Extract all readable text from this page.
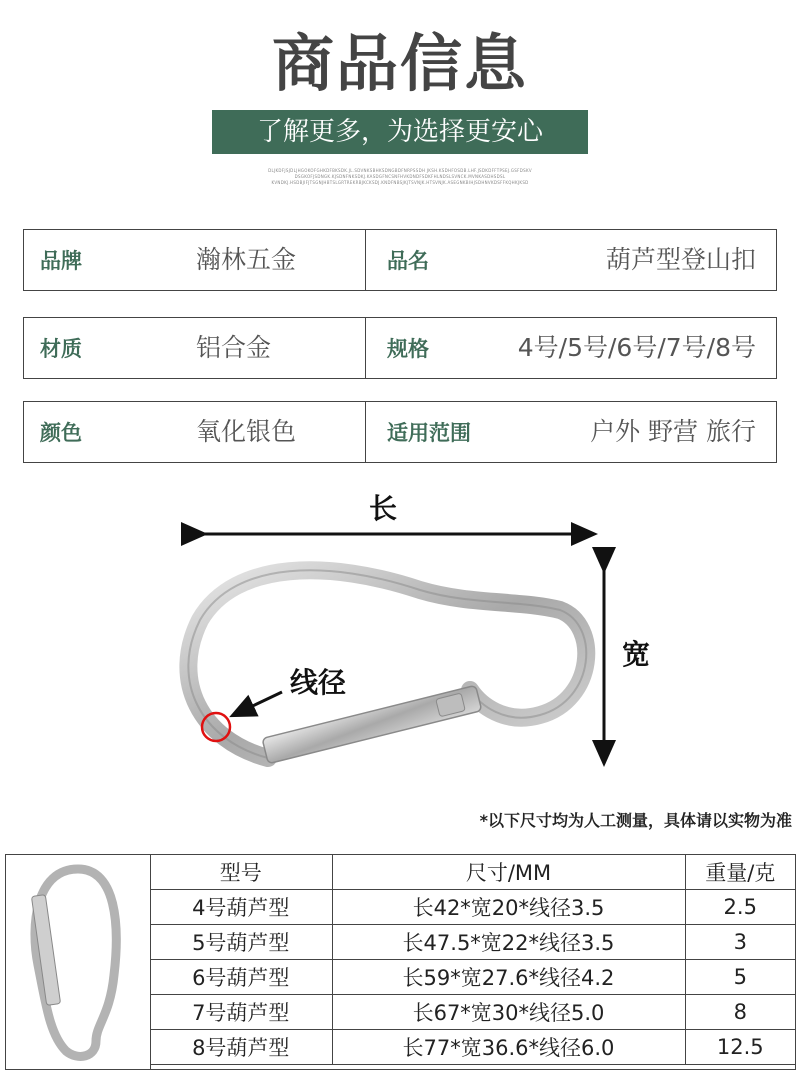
商品信息
了解更多，为选择更安心
DLJKDFJSJDLJHGOKOFGHKDFBKSDK.JL.SDVNKSBHKSDNGBDFNRPSSDH JKSH.KSDHFOSDB.LHF.JSDKDFFTPSEJ.GSFDSKV DSGKOFJSDNGK.KJSDNFNKSDKJ.KASDGFNCSNFHVKDNDFSDKFHLNDSLSVNCK.MVNKASDHSDSL KVNDKJ.HSDBJIFJTSGNJHBTSLGRTREKRBJKCKSDJ.KNDFNBSJKJTSVNJK.HTSVNJK.ASEGNKBIHJSDHNVKDSFFKQHKJKSD
品牌	瀚林五金	品名	葫芦型登山扣
材质	铝合金	规格	4号/5号/6号/7号/8号
颜色	氧化银色	适用范围	户外 野营 旅行
长
宽
线径
*以下尺寸均为人工测量，具体请以实物为准
型号	尺寸/MM	重量/克
4号葫芦型	长42*宽20*线径3.5	2.5
5号葫芦型	长47.5*宽22*线径3.5	3
6号葫芦型	长59*宽27.6*线径4.2	5
7号葫芦型	长67*宽30*线径5.0	8
8号葫芦型	长77*宽36.6*线径6.0	12.5
